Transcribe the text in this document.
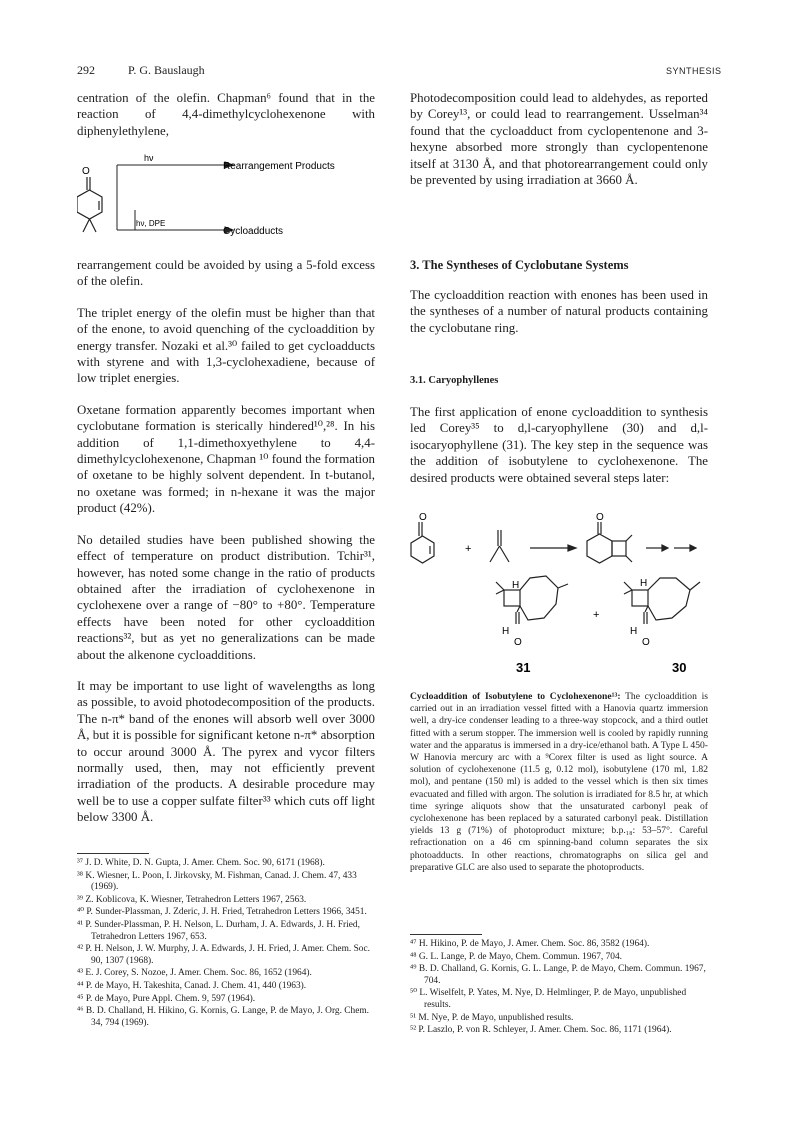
292	P. G. Bauslaugh	SYNTHESIS

centration of the olefin. Chapman⁶ found that in the reaction of 4,4-dimethylcyclohexenone with diphenylethylene,

O
hν
hν, DPE
Rearrangement Products
Cycloadducts

rearrangement could be avoided by using a 5-fold excess of the olefin.

The triplet energy of the olefin must be higher than that of the enone, to avoid quenching of the cycloaddition by energy transfer. Nozaki et al.³⁰ failed to get cycloadducts with styrene and with 1,3-cyclohexadiene, because of low triplet energies.

Oxetane formation apparently becomes important when cyclobutane formation is sterically hindered¹⁰,²⁸. In his addition of 1,1-dimethoxyethylene to 4,4-dimethylcyclohexenone, Chapman ¹⁰ found the formation of oxetane to be highly solvent dependent. In t-butanol, no oxetane was formed; in n-hexane it was the major product (42%).

No detailed studies have been published showing the effect of temperature on product distribution. Tchir³¹, however, has noted some change in the ratio of products obtained after the irradiation of cyclohexenone in cyclohexene over a range of −80° to +80°. Temperature effects have been noted for other cycloaddition reactions³², but as yet no generalizations can be made about the alkenone cycloadditions.

It may be important to use light of wavelengths as long as possible, to avoid photodecomposition of the products. The n-π* band of the enones will absorb well over 3000 Å, but it is possible for significant ketone n-π* absorption to occur around 3000 Å. The pyrex and vycor filters normally used, then, may not efficiently prevent irradiation of the products. A desirable procedure may well be to use a copper sulfate filter³³ which cuts off light below 3300 Å.

³⁷ J. D. White, D. N. Gupta, J. Amer. Chem. Soc. 90, 6171 (1968).
³⁸ K. Wiesner, L. Poon, I. Jirkovsky, M. Fishman, Canad. J. Chem. 47, 433 (1969).
³⁹ Z. Koblicova, K. Wiesner, Tetrahedron Letters 1967, 2563.
⁴⁰ P. Sunder-Plassman, J. Zderic, J. H. Fried, Tetrahedron Letters 1966, 3451.
⁴¹ P. Sunder-Plassman, P. H. Nelson, L. Durham, J. A. Edwards, J. H. Fried, Tetrahedron Letters 1967, 653.
⁴² P. H. Nelson, J. W. Murphy, J. A. Edwards, J. H. Fried, J. Amer. Chem. Soc. 90, 1307 (1968).
⁴³ E. J. Corey, S. Nozoe, J. Amer. Chem. Soc. 86, 1652 (1964).
⁴⁴ P. de Mayo, H. Takeshita, Canad. J. Chem. 41, 440 (1963).
⁴⁵ P. de Mayo, Pure Appl. Chem. 9, 597 (1964).
⁴⁶ B. D. Challand, H. Hikino, G. Kornis, G. Lange, P. de Mayo, J. Org. Chem. 34, 794 (1969).

Photodecomposition could lead to aldehydes, as reported by Corey¹³, or could lead to rearrangement. Usselman³⁴ found that the cycloadduct from cyclopentenone and 3-hexyne absorbed more strongly than cyclopentenone itself at 3130 Å, and that photorearrangement could only be prevented by using irradiation at 3660 Å.

3. The Syntheses of Cyclobutane Systems

The cycloaddition reaction with enones has been used in the syntheses of a number of natural products containing the cyclobutane ring.

3.1. Caryophyllenes

The first application of enone cycloaddition to synthesis led Corey³⁵ to d,l-caryophyllene (30) and d,l-isocaryophyllene (31). The key step in the sequence was the addition of isobutylene to cyclohexenone. The desired products were obtained several steps later:

O
+
O
H
H
O
+
H
H
O
31	30
Cycloaddition of Isobutylene to Cyclohexenone¹³: The cycloaddition is carried out in an irradiation vessel fitted with a Hanovia quartz immersion well, a dry-ice condenser leading to a three-way stopcock, and a third outlet fitted with a serum stopper. The immersion well is cooled by rapidly running water and the apparatus is immersed in a dry-ice/ethanol bath. A Type L 450-W Hanovia mercury arc with a ⁹Corex filter is used as light source. A solution of cyclohexenone (11.5 g, 0.12 mol), isobutylene (170 ml, 1.82 mol), and pentane (150 ml) is added to the vessel which is then six times evacuated and filled with argon. The solution is irradiated for 8.5 hr, at which time syringe aliquots show that the unsaturated carbonyl peak of cyclohexenone has been replaced by a saturated carbonyl peak. Distillation yields 13 g (71%) of photoproduct mixture; b.p.₁₈: 53–57°. Careful refractionation on a 46 cm spinning-band column separates the six photoadducts. In other reactions, chromatographs on silica gel and preparative GLC are also used to separate the photoproducts.
⁴⁷ H. Hikino, P. de Mayo, J. Amer. Chem. Soc. 86, 3582 (1964).
⁴⁸ G. L. Lange, P. de Mayo, Chem. Commun. 1967, 704.
⁴⁹ B. D. Challand, G. Kornis, G. L. Lange, P. de Mayo, Chem. Commun. 1967, 704.
⁵⁰ L. Wiselfelt, P. Yates, M. Nye, D. Helmlinger, P. de Mayo, unpublished results.
⁵¹ M. Nye, P. de Mayo, unpublished results.
⁵² P. Laszlo, P. von R. Schleyer, J. Amer. Chem. Soc. 86, 1171 (1964).
